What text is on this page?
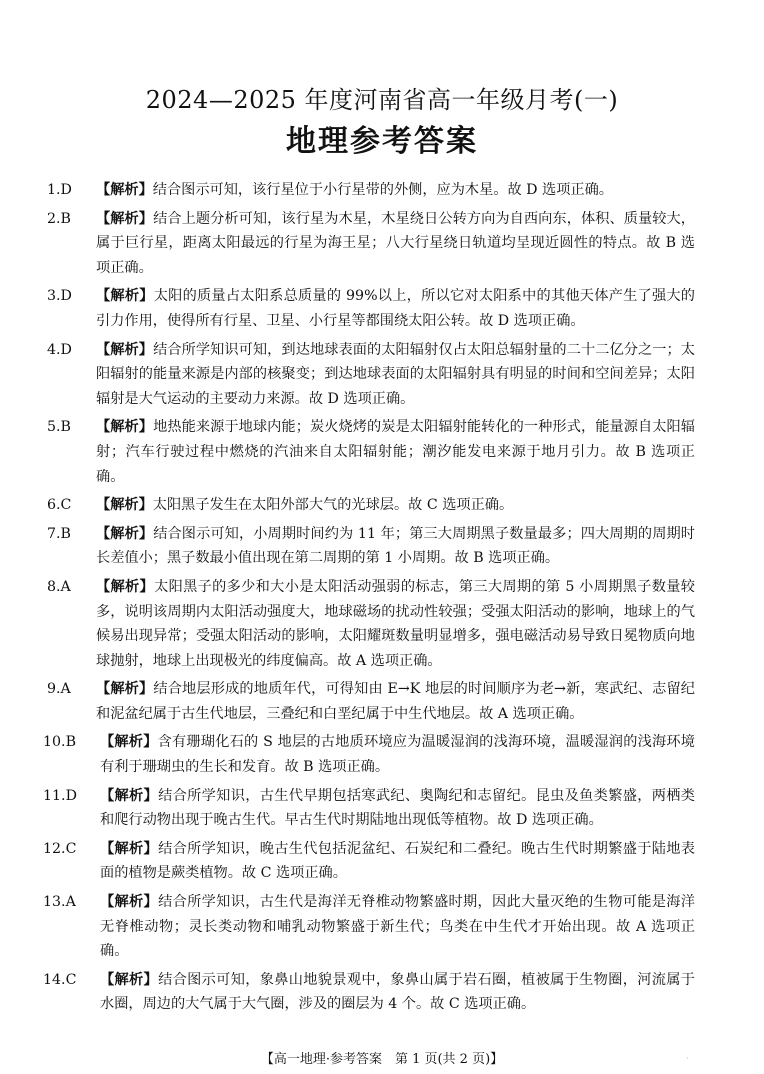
2024—2025 年度河南省高一年级月考(一)
地理参考答案
1.D 【解析】结合图示可知，该行星位于小行星带的外侧，应为木星。故 D 选项正确。
2.B 【解析】结合上题分析可知，该行星为木星，木星绕日公转方向为自西向东，体积、质量较大，属于巨行星，距离太阳最远的行星为海王星；八大行星绕日轨道均呈现近圆性的特点。故 B 选项正确。
3.D 【解析】太阳的质量占太阳系总质量的 99%以上，所以它对太阳系中的其他天体产生了强大的引力作用，使得所有行星、卫星、小行星等都围绕太阳公转。故 D 选项正确。
4.D 【解析】结合所学知识可知，到达地球表面的太阳辐射仅占太阳总辐射量的二十二亿分之一；太阳辐射的能量来源是内部的核聚变；到达地球表面的太阳辐射具有明显的时间和空间差异；太阳辐射是大气运动的主要动力来源。故 D 选项正确。
5.B 【解析】地热能来源于地球内能；炭火烧烤的炭是太阳辐射能转化的一种形式，能量源自太阳辐射；汽车行驶过程中燃烧的汽油来自太阳辐射能；潮汐能发电来源于地月引力。故 B 选项正确。
6.C 【解析】太阳黑子发生在太阳外部大气的光球层。故 C 选项正确。
7.B 【解析】结合图示可知，小周期时间约为 11 年；第三大周期黑子数量最多；四大周期的周期时长差值小；黑子数最小值出现在第二周期的第 1 小周期。故 B 选项正确。
8.A 【解析】太阳黑子的多少和大小是太阳活动强弱的标志，第三大周期的第 5 小周期黑子数量较多，说明该周期内太阳活动强度大，地球磁场的扰动性较强；受强太阳活动的影响，地球上的气候易出现异常；受强太阳活动的影响，太阳耀斑数量明显增多，强电磁活动易导致日冕物质向地球抛射，地球上出现极光的纬度偏高。故 A 选项正确。
9.A 【解析】结合地层形成的地质年代，可得知由 E→K 地层的时间顺序为老→新，寒武纪、志留纪和泥盆纪属于古生代地层，三叠纪和白垩纪属于中生代地层。故 A 选项正确。
10.B 【解析】含有珊瑚化石的 S 地层的古地质环境应为温暖湿润的浅海环境，温暖湿润的浅海环境有利于珊瑚虫的生长和发育。故 B 选项正确。
11.D 【解析】结合所学知识，古生代早期包括寒武纪、奥陶纪和志留纪。昆虫及鱼类繁盛，两栖类和爬行动物出现于晚古生代。早古生代时期陆地出现低等植物。故 D 选项正确。
12.C 【解析】结合所学知识，晚古生代包括泥盆纪、石炭纪和二叠纪。晚古生代时期繁盛于陆地表面的植物是蕨类植物。故 C 选项正确。
13.A 【解析】结合所学知识，古生代是海洋无脊椎动物繁盛时期，因此大量灭绝的生物可能是海洋无脊椎动物；灵长类动物和哺乳动物繁盛于新生代；鸟类在中生代才开始出现。故 A 选项正确。
14.C 【解析】结合图示可知，象鼻山地貌景观中，象鼻山属于岩石圈，植被属于生物圈，河流属于水圈，周边的大气属于大气圈，涉及的圈层为 4 个。故 C 选项正确。
【高一地理·参考答案　第 1 页(共 2 页)】	·
